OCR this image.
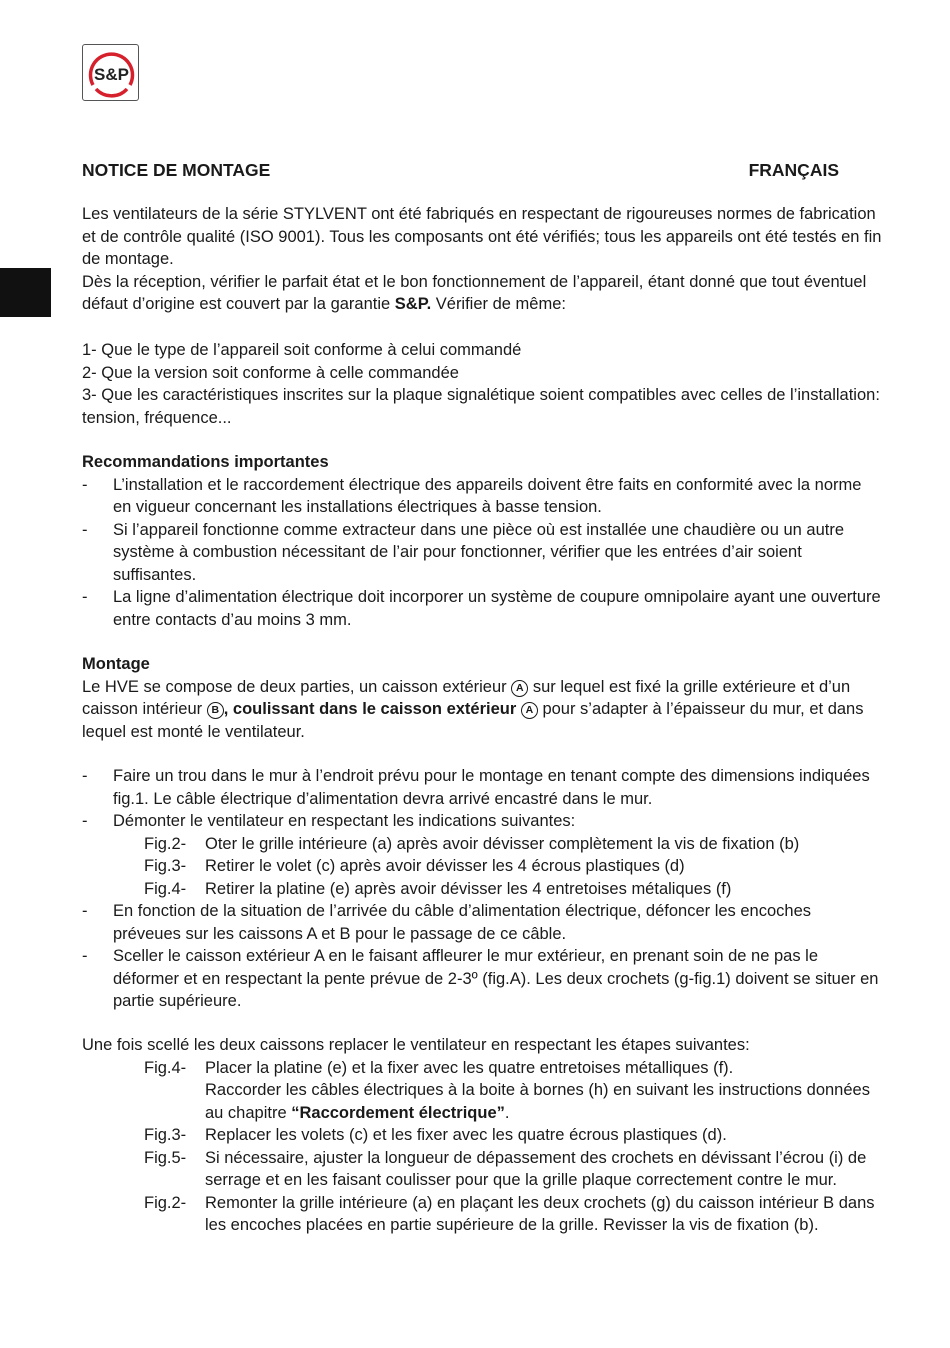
S&P
NOTICE DE MONTAGE	FRANÇAIS

Les ventilateurs de la série STYLVENT ont été fabriqués en respectant de rigoureuses normes de fabrication et de contrôle qualité (ISO 9001). Tous les composants ont été vérifiés; tous les appareils ont été testés en fin de montage.

Dès la réception, vérifier le parfait état et le bon fonctionnement de l’appareil, étant donné que tout éventuel défaut d’origine est couvert par la garantie S&P. Vérifier de même:

1- Que le type de l’appareil soit conforme à celui commandé

2- Que la version soit conforme à celle commandée

3- Que les caractéristiques inscrites sur la plaque signalétique soient compatibles avec celles de l’installation: tension, fréquence...

Recommandations importantes

- L’installation et le raccordement électrique des appareils doivent être faits en conformité avec la norme en vigueur concernant les installations électriques à basse tension.
- Si l’appareil fonctionne comme extracteur dans une pièce où est installée une chaudière ou un autre système à combustion nécessitant de l’air pour fonctionner, vérifier que les entrées d’air soient suffisantes.
- La ligne d’alimentation électrique doit incorporer un système de coupure omnipolaire ayant une ouverture entre contacts d’au moins 3 mm.

Montage

Le HVE se compose de deux parties, un caisson extérieur A sur lequel est fixé la grille extérieure et d’un caisson intérieur B , coulissant dans le caisson extérieur A pour s’adapter à l’épaisseur du mur, et dans lequel est monté le ventilateur.

- Faire un trou dans le mur à l’endroit prévu pour le montage en tenant compte des dimensions indiquées fig.1. Le câble électrique d’alimentation devra arrivé encastré dans le mur.
- Démonter le ventilateur en respectant les indications suivantes:
Fig.2- Oter le grille intérieure (a) après avoir dévisser complètement la vis de fixation (b)
Fig.3- Retirer le volet (c) après avoir dévisser les 4 écrous plastiques (d)
Fig.4- Retirer la platine (e) après avoir dévisser les 4 entretoises métaliques (f)
- En fonction de la situation de l’arrivée du câble d’alimentation électrique, défoncer les encoches préveues sur les caissons A et B pour le passage de ce câble.
- Sceller le caisson extérieur A en le faisant affleurer le mur extérieur, en prenant soin de ne pas le déformer et en respectant la pente prévue de 2-3º (fig.A). Les deux crochets (g-fig.1) doivent se situer en partie supérieure.

Une fois scellé les deux caissons replacer le ventilateur en respectant les étapes suivantes:

Fig.4- Placer la platine (e) et la fixer avec les quatre entretoises métalliques (f).
Raccorder les câbles électriques à la boite à bornes (h) en suivant les instructions données au chapitre “Raccordement électrique”.
Fig.3- Replacer les volets (c) et les fixer avec les quatre écrous plastiques (d).
Fig.5- Si nécessaire, ajuster la longueur de dépassement des crochets en dévissant l’écrou (i) de serrage et en les faisant coulisser pour que la grille plaque correctement contre le mur.
Fig.2- Remonter la grille intérieure (a) en plaçant les deux crochets (g) du caisson intérieur B dans les encoches placées en partie supérieure de la grille. Revisser la vis de fixation (b).
